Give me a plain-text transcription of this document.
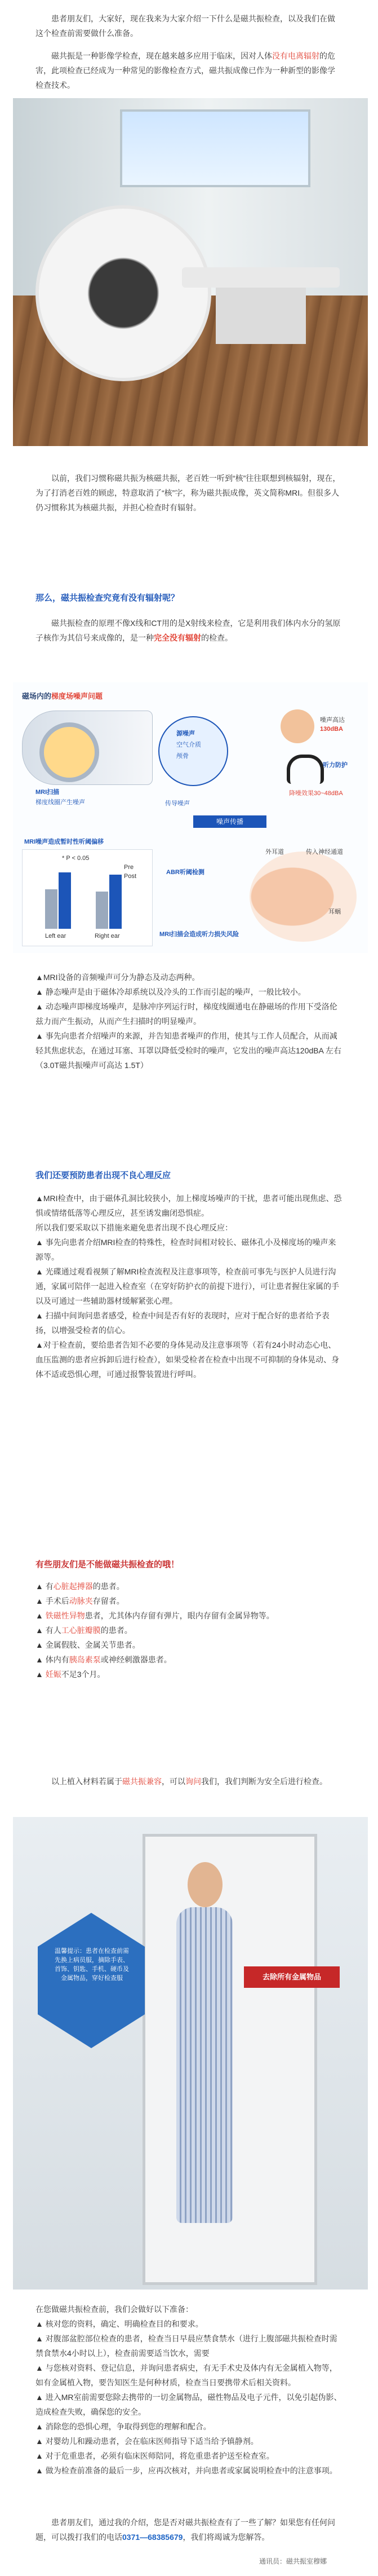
患者朋友们，大家好，现在我来为大家介绍一下什么是磁共振检查，以及我们在做这个检查前需要做什么准备。
磁共振是一种影像学检查，现在越来越多应用于临床，因对人体没有电离辐射的危害，此项检查已经成为一种常见的影像检查方式，磁共振成像已作为一种新型的影像学检查技术。
以前，我们习惯称磁共振为核磁共振，老百姓一听到“核”往往联想到核辐射，现在，为了打消老百姓的顾虑，特意取消了“核”字，称为磁共振成像，英文简称MRI。但很多人仍习惯称其为核磁共振，并担心检查时有辐射。
那么，磁共振检查究竟有没有辐射呢？
磁共振检查的原理不像X线和CT用的是X射线来检查，它是利用我们体内水分的氢原子核作为其信号来成像的，是一种完全没有辐射的检查。
磁场内的梯度场噪声问题
MRI扫描
梯度线圈产生噪声
源噪声
空气介质
颅骨
噪声高达
130dBA
听力防护
降噪效果30~48dBA
传导噪声
噪声传播
MRI噪声造成暂时性听阈偏移
* P < 0.05
Left ear	Right ear
Pre
Post
ABR听阈检测
外耳道	传入神经通道
耳蜗
MRI扫描会造成听力损失风险
▲MRI设备的音频噪声可分为静态及动态两种。
▲ 静态噪声是由于磁体冷却系统以及冷头的工作而引起的噪声，一般比较小。
▲ 动态噪声即梯度场噪声，是脉冲序列运行时，梯度线圈通电在静磁场的作用下受洛伦兹力而产生振动，从而产生扫描时的明显噪声。
▲ 事先向患者介绍噪声的来源，并告知患者噪声的作用，使其与工作人员配合，从而减轻其焦虑状态，在通过耳塞、耳罩以降低受检时的噪声，它发出的噪声高达120dBA 左右（3.0T磁共振噪声可高达 1.5T）
我们还要预防患者出现不良心理反应
▲MRI检查中，由于磁体孔洞比较狭小，加上梯度场噪声的干扰，患者可能出现焦虑、恐惧或情绪低落等心理反应，甚至诱发幽闭恐惧症。
所以我们要采取以下措施来避免患者出现不良心理反应：
▲ 事先向患者介绍MRI检查的特殊性，检查时间相对较长、磁体孔小及梯度场的噪声来源等。
▲ 光碟通过观看视频了解MRI检查流程及注意事项等，检查前可事先与医护人员进行沟通，家属可陪伴一起进入检查室（在穿好防护衣的前提下进行），可让患者握住家属的手以及可通过一些辅助器材缓解紧张心理。
▲ 扫描中间询问患者感受，检查中间是否有好的表现时，应对于配合好的患者给予表扬，以增强受检者的信心。
▲对于检查前，要给患者告知不必要的身体晃动及注意事项等（若有24小时动态心电、血压监测的患者应拆卸后进行检查），如果受检者在检查中出现不可抑制的身体晃动、身体不适或恐惧心理，可通过报警装置进行呼叫。
有些朋友们是不能做磁共振检查的哦！
▲ 有心脏起搏器的患者。
▲ 手术后动脉夹存留者。
▲ 铁磁性异物患者，尤其体内存留有弹片，眼内存留有金属异物等。
▲ 有人工心脏瓣膜的患者。
▲ 金属假肢、金属关节患者。
▲ 体内有胰岛素泵或神经刺激器患者。
▲ 妊娠不足3个月。
以上植入材料若属于磁共振兼容，可以询问我们，我们判断为安全后进行检查。
温馨提示：患者在检查前需先换上病员服，摘除手表、首饰、钥匙、手机、硬币及金属物品，穿好检查服	去除所有金属物品
在您做磁共振检查前，我们会做好以下准备：
▲ 核对您的资料，确定、明确检查目的和要求。
▲ 对腹部盆腔部位检查的患者，检查当日早晨应禁食禁水（进行上腹部磁共振检查时需禁食禁水4小时以上），检查前需要适当饮水，需要
▲ 与您核对资料、登记信息，并询问患者病史，有无手术史及体内有无金属植入物等，如有金属植入物，要告知医生是何种材质，检查当日要携带术后相关资料。
▲ 进入MR室前需要您除去携带的一切金属物品，磁性物品及电子元件，以免引起伪影、造成检查失败，确保您的安全。
▲ 消除您的恐惧心理，争取得到您的理解和配合。
▲ 对婴幼儿和躁动患者，会在临床医师指导下适当给予镇静剂。
▲ 对于危重患者，必须有临床医师陪同，将危重患者护送至检查室。
▲ 做为检查前准备的最后一步，应再次核对，并向患者或家属说明检查中的注意事项。
患者朋友们，通过我的介绍，您是否对磁共振检查有了一些了解？如果您有任何问题，可以拨打我们的电话0371—68385679，我们将竭诚为您解答。
通讯员：磁共振室穆娜
